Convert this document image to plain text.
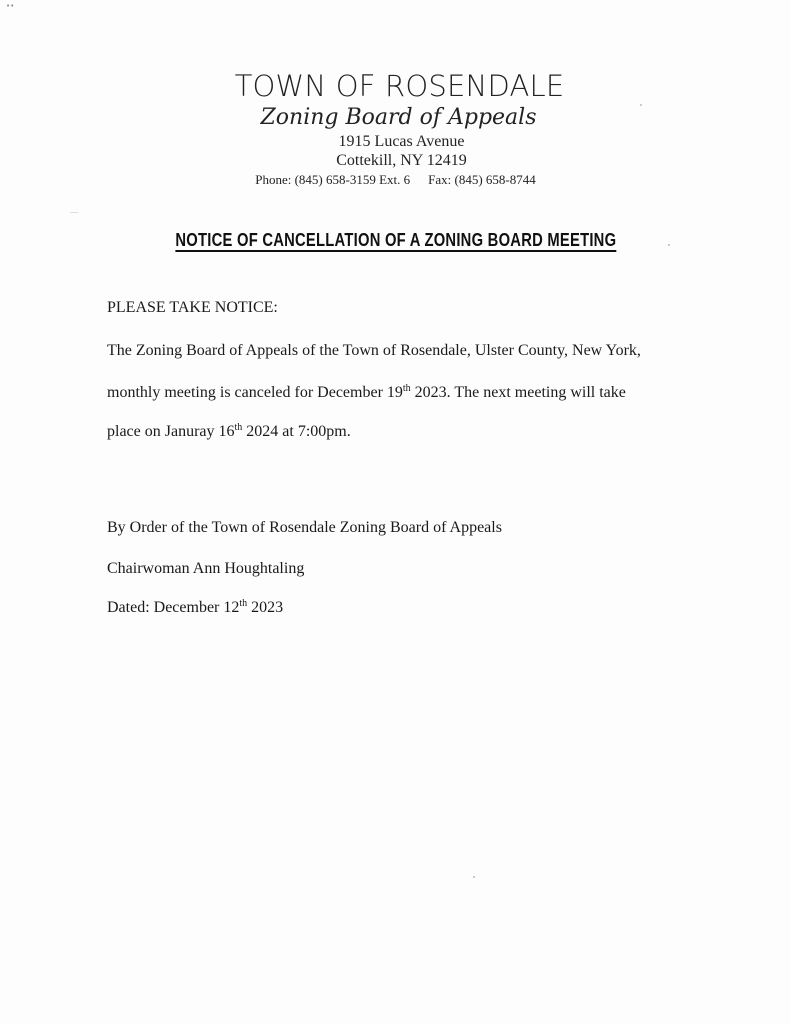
••
TOWN OF ROSENDALE
Zoning Board of Appeals
1915 Lucas Avenue
Cottekill, NY 12419
Phone: (845) 658-3159 Ext. 6 Fax: (845) 658-8744
NOTICE OF CANCELLATION OF A ZONING BOARD MEETING
PLEASE TAKE NOTICE:
The Zoning Board of Appeals of the Town of Rosendale, Ulster County, New York,
monthly meeting is canceled for December 19th 2023. The next meeting will take
place on Januray 16th 2024 at 7:00pm.
By Order of the Town of Rosendale Zoning Board of Appeals
Chairwoman Ann Houghtaling
Dated: December 12th 2023
